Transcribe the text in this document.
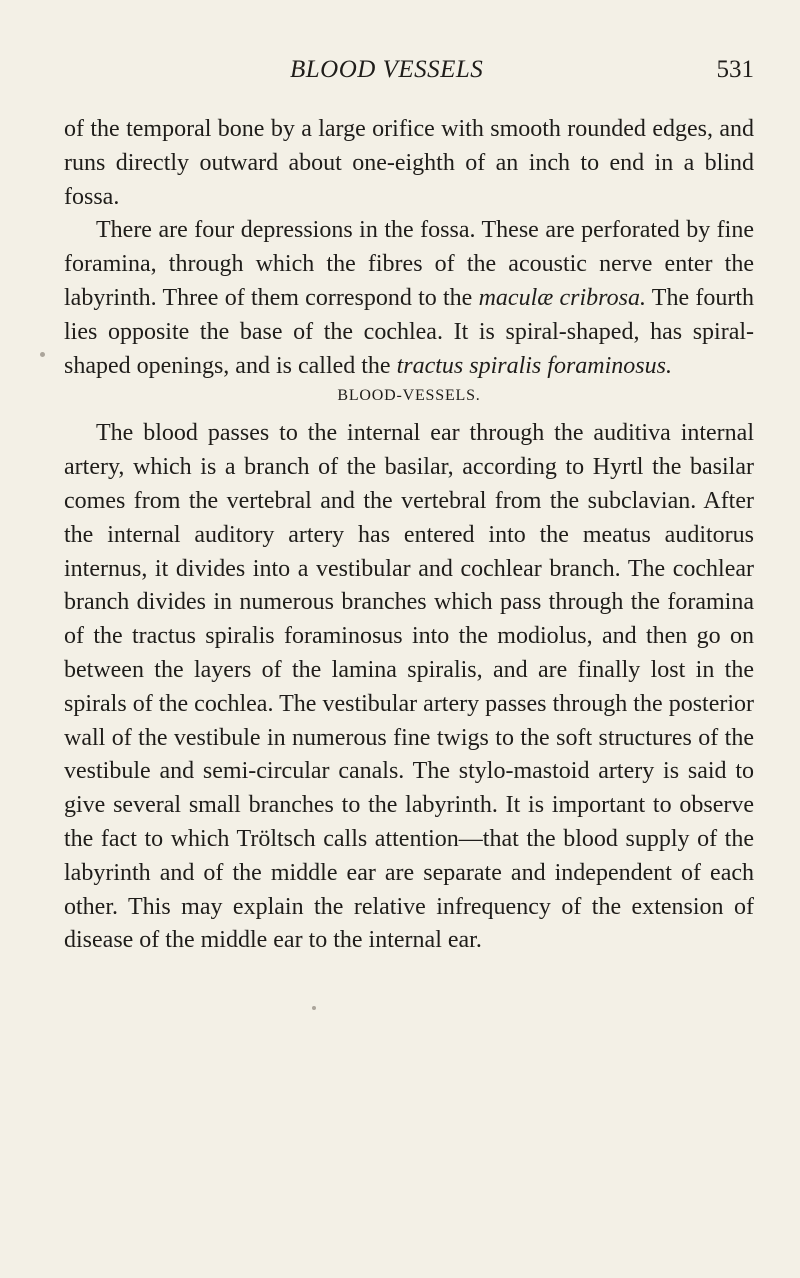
BLOOD VESSELS	531

of the temporal bone by a large orifice with smooth rounded edges, and runs directly outward about one-eighth of an inch to end in a blind fossa.

There are four depressions in the fossa. These are perforated by fine foramina, through which the fibres of the acoustic nerve enter the labyrinth. Three of them correspond to the maculæ cribrosa. The fourth lies opposite the base of the cochlea. It is spiral-shaped, has spiral-shaped openings, and is called the tractus spiralis foraminosus.

BLOOD-VESSELS.

The blood passes to the internal ear through the auditiva internal artery, which is a branch of the basilar, according to Hyrtl the basilar comes from the vertebral and the vertebral from the subclavian. After the internal auditory artery has entered into the meatus auditorus internus, it divides into a vestibular and cochlear branch. The cochlear branch divides in numerous branches which pass through the foramina of the tractus spiralis foraminosus into the modiolus, and then go on between the layers of the lamina spiralis, and are finally lost in the spirals of the cochlea. The vestibular artery passes through the posterior wall of the vestibule in numerous fine twigs to the soft structures of the vestibule and semi-circular canals. The stylo-mastoid artery is said to give several small branches to the labyrinth. It is important to observe the fact to which Tröltsch calls attention—that the blood supply of the labyrinth and of the middle ear are separate and independent of each other. This may explain the relative infrequency of the extension of disease of the middle ear to the internal ear.
